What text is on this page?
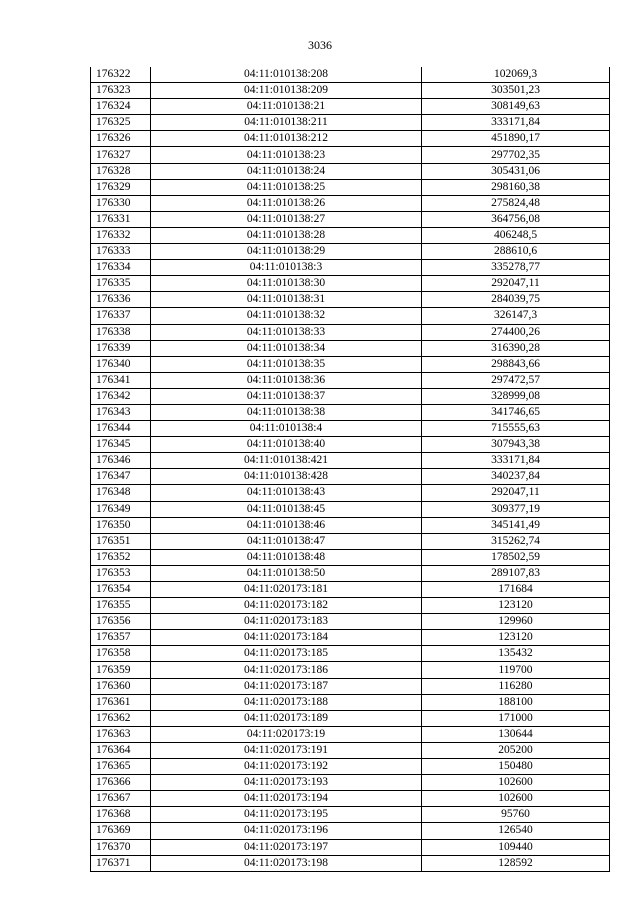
3036
176322	04:11:010138:208	102069,3
176323	04:11:010138:209	303501,23
176324	04:11:010138:21	308149,63
176325	04:11:010138:211	333171,84
176326	04:11:010138:212	451890,17
176327	04:11:010138:23	297702,35
176328	04:11:010138:24	305431,06
176329	04:11:010138:25	298160,38
176330	04:11:010138:26	275824,48
176331	04:11:010138:27	364756,08
176332	04:11:010138:28	406248,5
176333	04:11:010138:29	288610,6
176334	04:11:010138:3	335278,77
176335	04:11:010138:30	292047,11
176336	04:11:010138:31	284039,75
176337	04:11:010138:32	326147,3
176338	04:11:010138:33	274400,26
176339	04:11:010138:34	316390,28
176340	04:11:010138:35	298843,66
176341	04:11:010138:36	297472,57
176342	04:11:010138:37	328999,08
176343	04:11:010138:38	341746,65
176344	04:11:010138:4	715555,63
176345	04:11:010138:40	307943,38
176346	04:11:010138:421	333171,84
176347	04:11:010138:428	340237,84
176348	04:11:010138:43	292047,11
176349	04:11:010138:45	309377,19
176350	04:11:010138:46	345141,49
176351	04:11:010138:47	315262,74
176352	04:11:010138:48	178502,59
176353	04:11:010138:50	289107,83
176354	04:11:020173:181	171684
176355	04:11:020173:182	123120
176356	04:11:020173:183	129960
176357	04:11:020173:184	123120
176358	04:11:020173:185	135432
176359	04:11:020173:186	119700
176360	04:11:020173:187	116280
176361	04:11:020173:188	188100
176362	04:11:020173:189	171000
176363	04:11:020173:19	130644
176364	04:11:020173:191	205200
176365	04:11:020173:192	150480
176366	04:11:020173:193	102600
176367	04:11:020173:194	102600
176368	04:11:020173:195	95760
176369	04:11:020173:196	126540
176370	04:11:020173:197	109440
176371	04:11:020173:198	128592
